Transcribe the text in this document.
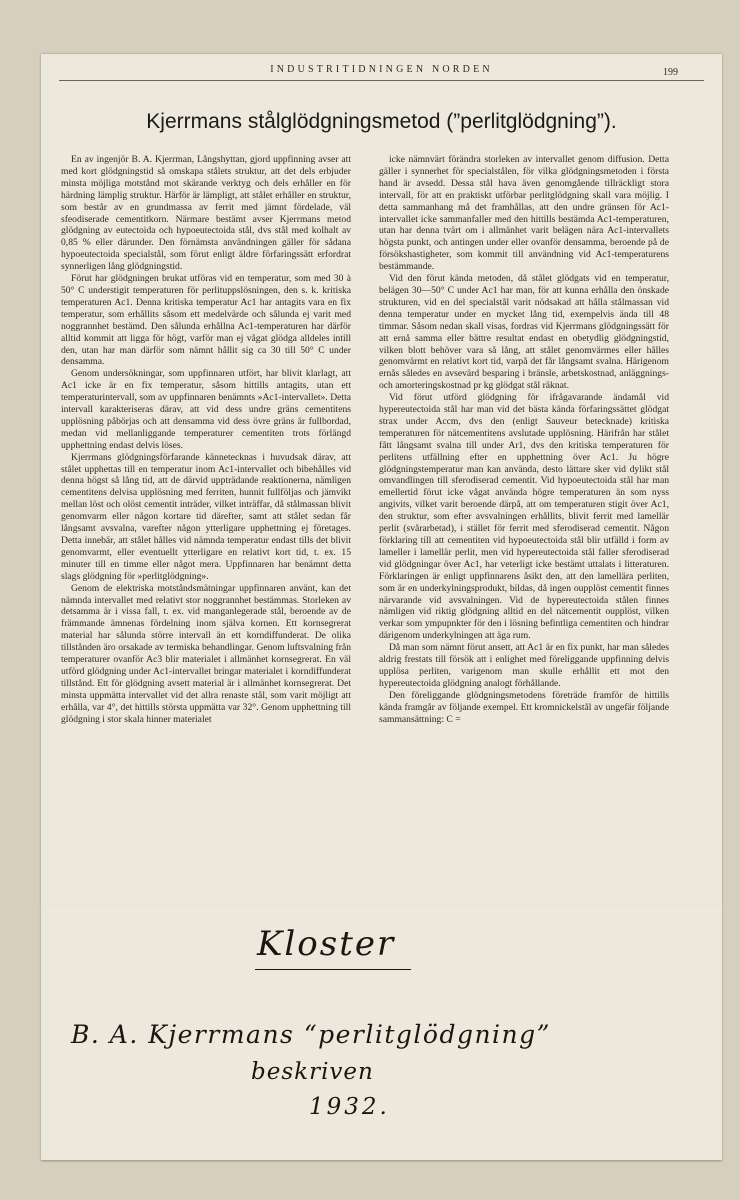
INDUSTRITIDNINGEN NORDEN	199
Kjerrmans stålglödgningsmetod (”perlitglödgning”).

En av ingenjör B. A. Kjerrman, Långshyttan, gjord uppfinning avser att med kort glödgningstid så omskapa stålets struktur, att det dels erbjuder minsta möjliga motstånd mot skärande verktyg och dels erhåller en för härdning lämplig struktur. Härför är lämpligt, att stålet erhåller en struktur, som består av en grundmassa av ferrit med jämnt fördelade, väl sfeodiserade cementitkorn. Närmare bestämt avser Kjerrmans metod glödgning av eutectoida och hypoeutectoida stål, dvs stål med kolhalt av 0,85 % eller därunder. Den förnämsta användningen gäller för sådana hypoeutectoida specialstål, som förut enligt äldre förfaringssätt erfordrat synnerligen lång glödgningstid.

Förut har glödgningen brukat utföras vid en temperatur, som med 30 à 50° C understigit temperaturen för perlituppslösningen, den s. k. kritiska temperaturen Ac1. Denna kritiska temperatur Ac1 har antagits vara en fix temperatur, som erhållits såsom ett medelvärde och sålunda ej varit med noggrannhet bestämd. Den sålunda erhållna Ac1-temperaturen har därför alltid kommit att ligga för högt, varför man ej vågat glödga alldeles intill den, utan har man därför som nämnt hållit sig ca 30 till 50° C under densamma.

Genom undersökningar, som uppfinnaren utfört, har blivit klarlagt, att Ac1 icke är en fix temperatur, såsom hittills antagits, utan ett temperaturintervall, som av uppfinnaren benämnts »Ac1-intervallet». Detta intervall karakteriseras därav, att vid dess undre gräns cementitens upplösning påbörjas och att densamma vid dess övre gräns är fullbordad, medan vid mellanliggande temperaturer cementiten trots förlängd upphettning endast delvis löses.

Kjerrmans glödgningsförfarande kännetecknas i huvudsak därav, att stålet upphettas till en temperatur inom Ac1-intervallet och bibehålles vid denna högst så lång tid, att de därvid uppträdande reaktionerna, nämligen cementitens delvisa upplösning med ferriten, hunnit fullföljas och jämvikt mellan löst och olöst cementit inträder, vilket inträffar, då stålmassan blivit genomvarm eller någon kortare tid därefter, samt att stålet sedan får långsamt avsvalna, varefter någon ytterligare upphettning ej företages. Detta innebär, att stålet hålles vid nämnda temperatur endast tills det blivit genomvarmt, eller eventuellt ytterligare en relativt kort tid, t. ex. 15 minuter till en timme eller något mera. Uppfinnaren har benämnt detta slags glödgning för »perlitglödgning».

Genom de elektriska motståndsmätningar uppfinnaren använt, kan det nämnda intervallet med relativt stor noggrannhet bestämmas. Storleken av detsamma är i vissa fall, t. ex. vid manganlegerade stål, beroende av de främmande ämnenas fördelning inom själva kornen. Ett kornsegrerat material har sålunda större intervall än ett korndiffunderat. De olika tillstånden äro orsakade av termiska behandlingar. Genom luftsvalning från temperaturer ovanför Ac3 blir materialet i allmänhet kornsegrerat. En väl utförd glödgning under Ac1-intervallet bringar materialet i korndiffunderat tillstånd. Ett för glödgning avsett material är i allmänhet kornsegrerat. Det minsta uppmätta intervallet vid det allra renaste stål, som varit möjligt att erhålla, var 4°, det hittills största uppmätta var 32°. Genom upphettning till glödgning i stor skala hinner materialet

icke nämnvärt förändra storleken av intervallet genom diffusion. Detta gäller i synnerhet för specialstålen, för vilka glödgningsmetoden i första hand är avsedd. Dessa stål hava även genomgående tillräckligt stora intervall, för att en praktiskt utförbar perlitglödgning skall vara möjlig. I detta sammanhang må det framhållas, att den undre gränsen för Ac1-intervallet icke sammanfaller med den hittills bestämda Ac1-temperaturen, utan har denna tvärt om i allmänhet varit belägen nära Ac1-intervallets högsta punkt, och antingen under eller ovanför densamma, beroende på de försökshastigheter, som kommit till användning vid Ac1-temperaturens bestämmande.

Vid den förut kända metoden, då stålet glödgats vid en temperatur, belägen 30—50° C under Ac1 har man, för att kunna erhålla den önskade strukturen, vid en del specialstål varit nödsakad att hålla stålmassan vid denna temperatur under en mycket lång tid, exempelvis ända till 48 timmar. Såsom nedan skall visas, fordras vid Kjerrmans glödgningssätt för att ernå samma eller bättre resultat endast en obetydlig glödgningstid, vilken blott behöver vara så lång, att stålet genomvärmes eller hålles genomvärmt en relativt kort tid, varpå det får långsamt svalna. Härigenom ernås således en avsevärd besparing i bränsle, arbetskostnad, anläggnings- och amorteringskostnad pr kg glödgat stål räknat.

Vid förut utförd glödgning för ifrågavarande ändamål vid hypereutectoida stål har man vid det bästa kända förfaringssättet glödgat strax under Accm, dvs den (enligt Sauveur betecknade) kritiska temperaturen för nätcementitens avslutade upplösning. Härifrån har stålet fått långsamt svalna till under Ar1, dvs den kritiska temperaturen för perlitens utfällning efter en upphettning över Ac1. Ju högre glödgningstemperatur man kan använda, desto lättare sker vid dylikt stål omvandlingen till sferodiserad cementit. Vid hypoeutectoida stål har man emellertid förut icke vågat använda högre temperaturen än som nyss angivits, vilket varit beroende därpå, att om temperaturen stigit över Ac1, den struktur, som efter avsvalningen erhållits, blivit ferrit med lamellär perlit (svårarbetad), i stället för ferrit med sferodiserad cementit. Någon förklaring till att cementiten vid hypoeutectoida stål blir utfälld i form av lameller i lamellär perlit, men vid hypereutectoida stål faller sferodiserad vid glödgningar över Ac1, har veterligt icke bestämt uttalats i litteraturen. Förklaringen är enligt uppfinnarens åsikt den, att den lamellära perliten, som är en underkylningsprodukt, bildas, då ingen oupplöst cementit finnes närvarande vid avsvalningen. Vid de hypereutectoida stålen finnes nämligen vid riktig glödgning alltid en del nätcementit oupplöst, vilken verkar som ympupnkter för den i lösning befintliga cementiten och hindrar därigenom underkylningen att äga rum.

Då man som nämnt förut ansett, att Ac1 är en fix punkt, har man således aldrig frestats till försök att i enlighet med föreliggande uppfinning delvis upplösa perliten, varigenom man skulle erhållit ett mot den hypereutectoida glödgning analogt förhållande.

Den föreliggande glödgningsmetodens företräde framför de hittills kända framgår av följande exempel. Ett kromnickelstål av ungefär följande sammansättning: C =

Kloster
B. A. Kjerrmans “perlitglödgning”
beskriven
1932.
